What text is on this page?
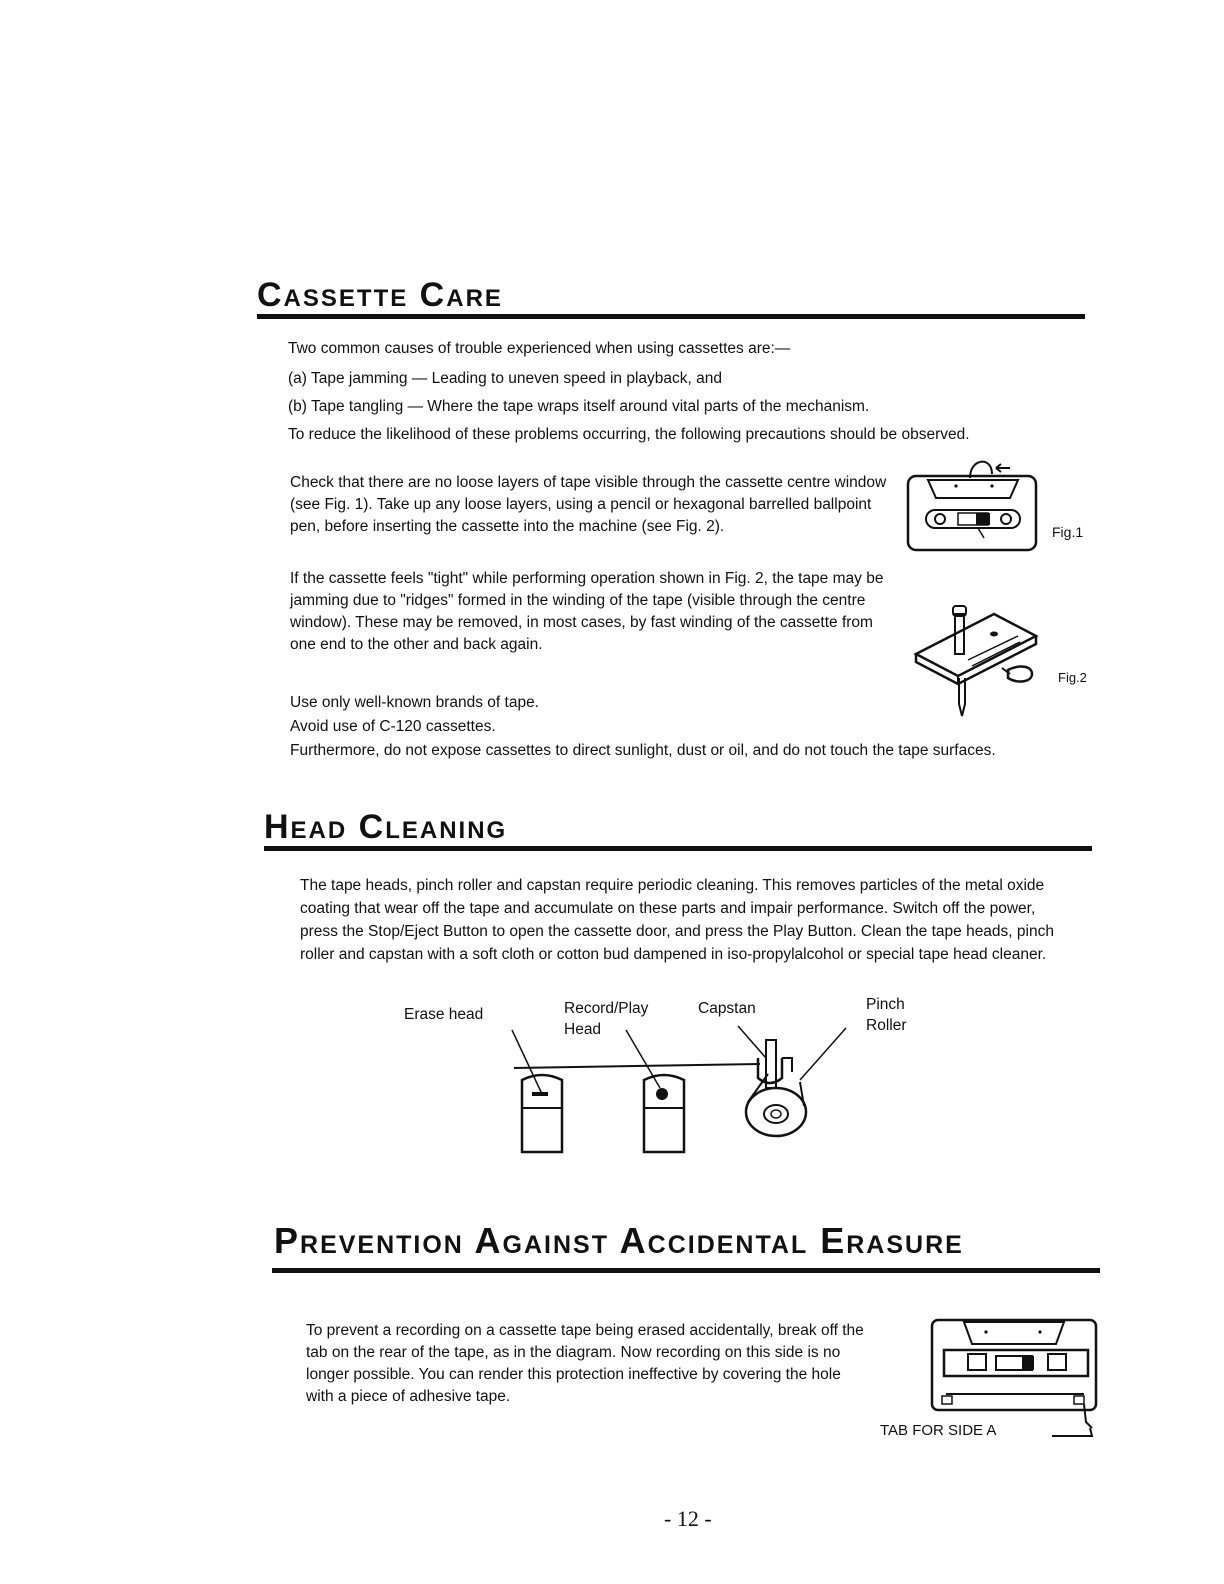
Cassette Care
Two common causes of trouble experienced when using cassettes are:—
(a) Tape jamming — Leading to uneven speed in playback, and
(b) Tape tangling — Where the tape wraps itself around vital parts of the mechanism.
To reduce the likelihood of these problems occurring, the following precautions should be observed.
Check that there are no loose layers of tape visible through the cassette centre window (see Fig. 1). Take up any loose layers, using a pencil or hexagonal barrelled ballpoint pen, before inserting the cassette into the machine (see Fig. 2).
If the cassette feels "tight" while performing operation shown in Fig. 2, the tape may be jamming due to "ridges" formed in the winding of the tape (visible through the centre window). These may be removed, in most cases, by fast winding of the cassette from one end to the other and back again.
Use only well-known brands of tape.
Avoid use of C-120 cassettes.
Furthermore, do not expose cassettes to direct sunlight, dust or oil, and do not touch the tape surfaces.
Fig.1
Fig.2
Head Cleaning
The tape heads, pinch roller and capstan require periodic cleaning. This removes particles of the metal oxide coating that wear off the tape and accumulate on these parts and impair performance. Switch off the power, press the Stop/Eject Button to open the cassette door, and press the Play Button. Clean the tape heads, pinch roller and capstan with a soft cloth or cotton bud dampened in iso-propylalcohol or special tape head cleaner.
Erase head	Record/Play
Head
Capstan	Pinch
Roller
Prevention Against Accidental Erasure
To prevent a recording on a cassette tape being erased accidentally, break off the tab on the rear of the tape, as in the diagram. Now recording on this side is no longer possible. You can render this protection ineffective by covering the hole with a piece of adhesive tape.
TAB FOR SIDE A
- 12 -
